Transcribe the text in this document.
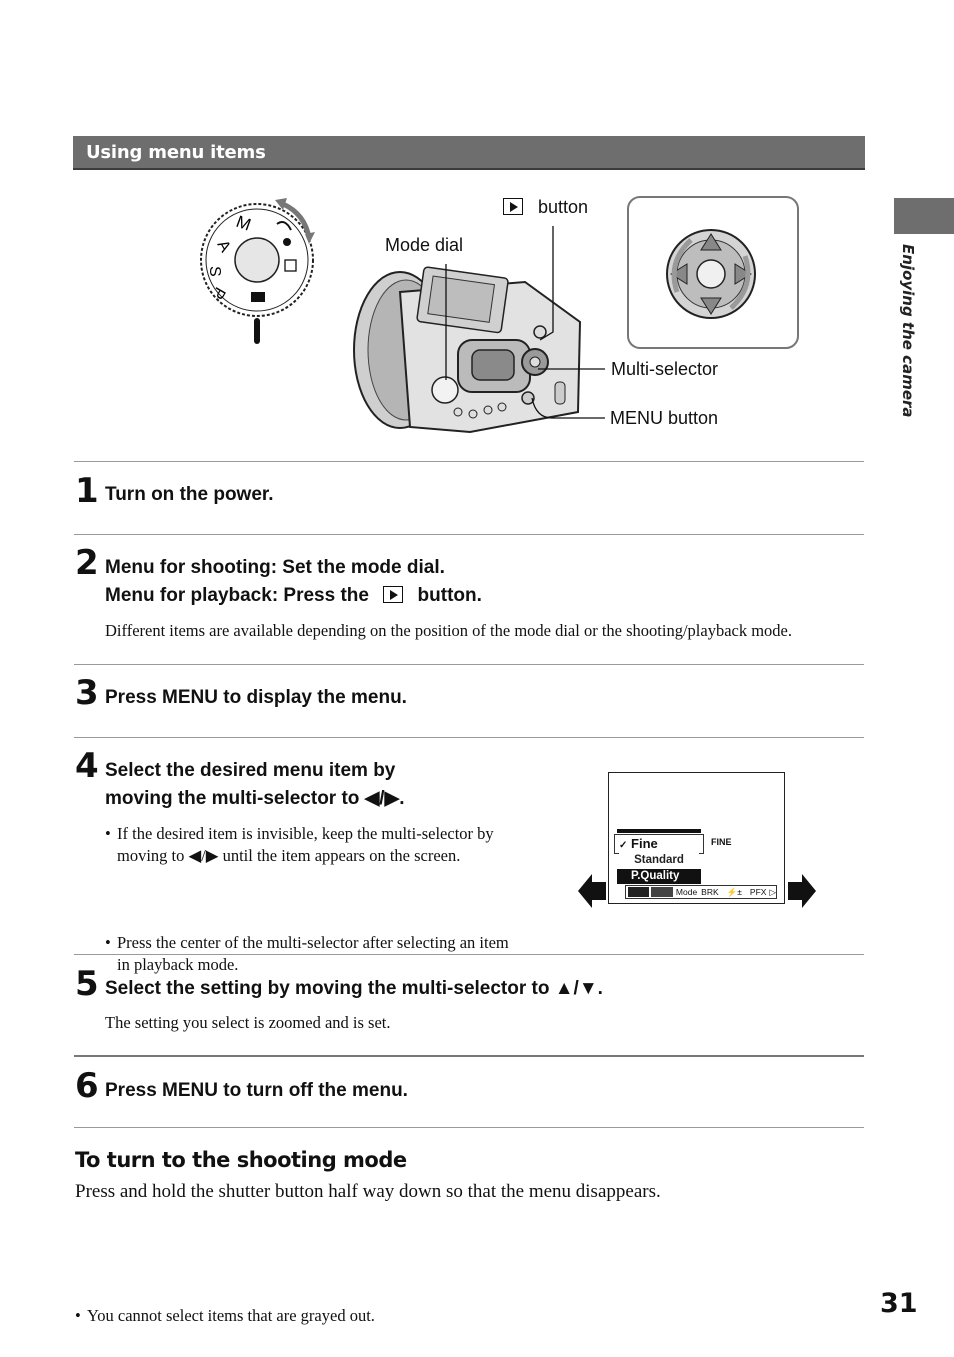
Using menu items
Enjoying the camera
M
A
S
P
button
Mode dial
Multi-selector
MENU button
1 Turn on the power.
2 Menu for shooting: Set the mode dial.
Menu for playback: Press the	button.
Different items are available depending on the position of the mode dial or the shooting/playback mode.
3 Press MENU to display the menu.
4 Select the desired menu item by
moving the multi-selector to ◀/▶.
• If the desired item is invisible, keep the multi-selector by moving to ◀/▶ until the item appears on the screen.
• Press the center of the multi-selector after selecting an item in playback mode.
✓ Fine	FINE
Standard
P.Quality
Mode BRK ⚡± PFX ▷
5 Select the setting by moving the multi-selector to ▲/▼.
The setting you select is zoomed and is set.
6 Press MENU to turn off the menu.
To turn to the shooting mode
Press and hold the shutter button half way down so that the menu disappears.
• You cannot select items that are grayed out.	31
